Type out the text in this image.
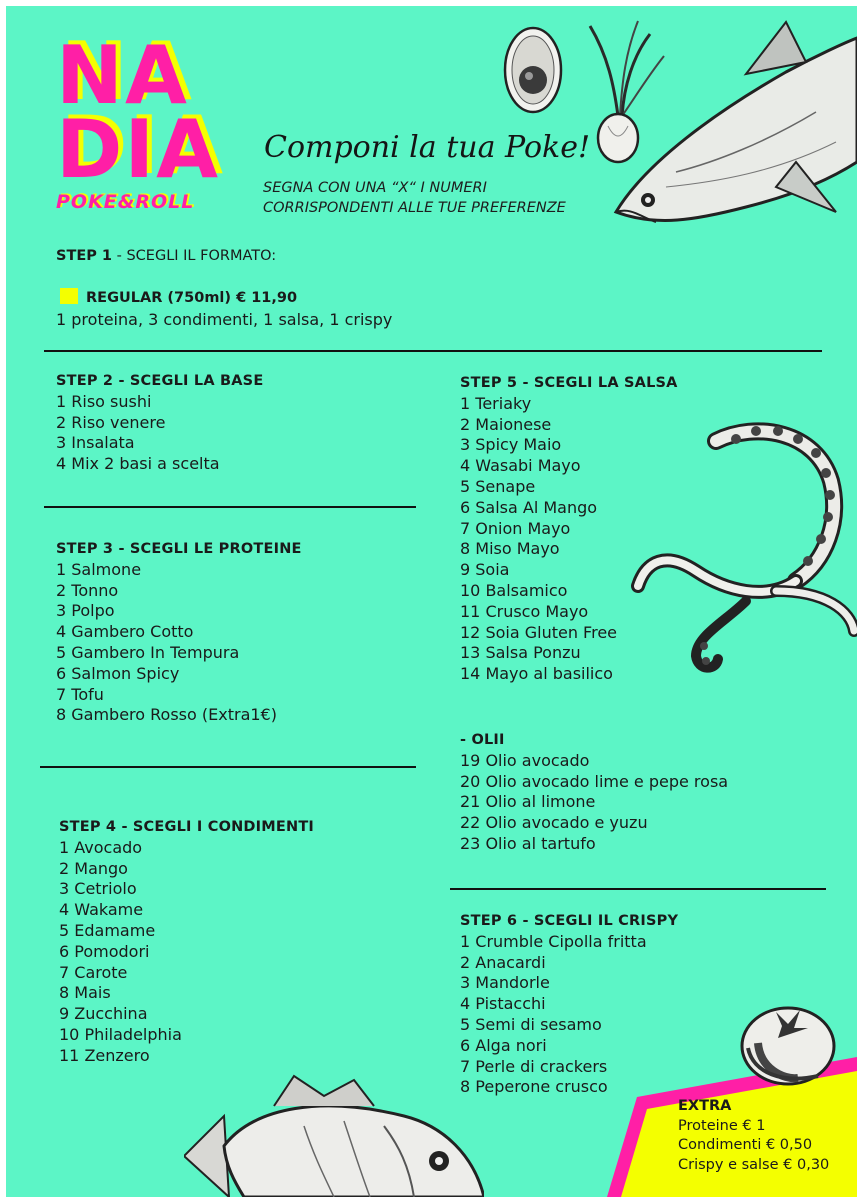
NA
DIA
POKE&ROLL
Componi la tua Poke!
SEGNA CON UNA “X“ I NUMERI
CORRISPONDENTI ALLE TUE PREFERENZE
STEP 1 - SCEGLI IL FORMATO:
REGULAR (750ml) € 11,90
1 proteina, 3 condimenti, 1 salsa, 1 crispy
STEP 2 - SCEGLI LA BASE
1 Riso sushi
2 Riso venere
3 Insalata
4 Mix 2 basi a scelta
STEP 3 - SCEGLI LE PROTEINE
1 Salmone
2 Tonno
3 Polpo
4 Gambero Cotto
5 Gambero In Tempura
6 Salmon Spicy
7 Tofu
8 Gambero Rosso (Extra1€)
STEP 4 - SCEGLI I CONDIMENTI
1 Avocado
2 Mango
3 Cetriolo
4 Wakame
5 Edamame
6 Pomodori
7 Carote
8 Mais
9 Zucchina
10 Philadelphia
11 Zenzero
STEP 5 - SCEGLI LA SALSA
1 Teriaky
2 Maionese
3 Spicy Maio
4 Wasabi Mayo
5 Senape
6 Salsa Al Mango
7 Onion Mayo
8 Miso Mayo
9 Soia
10 Balsamico
11 Crusco Mayo
12 Soia Gluten Free
13 Salsa Ponzu
14 Mayo al basilico
- OLII
19 Olio avocado
20 Olio avocado lime e pepe rosa
21 Olio al limone
22 Olio avocado e yuzu
23 Olio al tartufo
STEP 6 - SCEGLI IL CRISPY
1 Crumble Cipolla fritta
2 Anacardi
3 Mandorle
4 Pistacchi
5 Semi di sesamo
6 Alga nori
7 Perle di crackers
8 Peperone crusco
EXTRA
Proteine € 1
Condimenti € 0,50
Crispy e salse € 0,30
